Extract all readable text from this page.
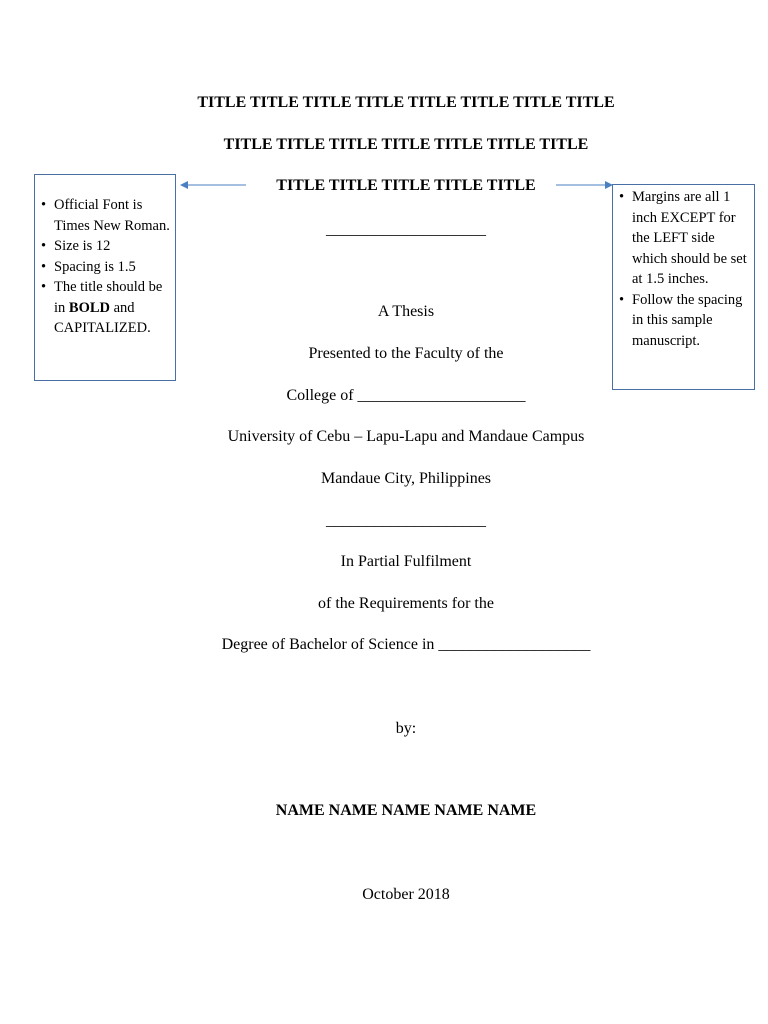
TITLE TITLE TITLE TITLE TITLE TITLE TITLE TITLE
TITLE TITLE TITLE TITLE TITLE TITLE TITLE
TITLE TITLE TITLE TITLE TITLE
____________________
A Thesis
Presented to the Faculty of the
College of _____________________
University of Cebu – Lapu-Lapu and Mandaue Campus
Mandaue City, Philippines
____________________
In Partial Fulfilment
of the Requirements for the
Degree of Bachelor of Science in ___________________
by:
NAME NAME NAME NAME NAME
October 2018
• Official Font is Times New Roman.
• Size is 12
• Spacing is 1.5
• The title should be in BOLD and CAPITALIZED.
• Margins are all 1 inch EXCEPT for the LEFT side which should be set at 1.5 inches.
• Follow the spacing in this sample manuscript.
